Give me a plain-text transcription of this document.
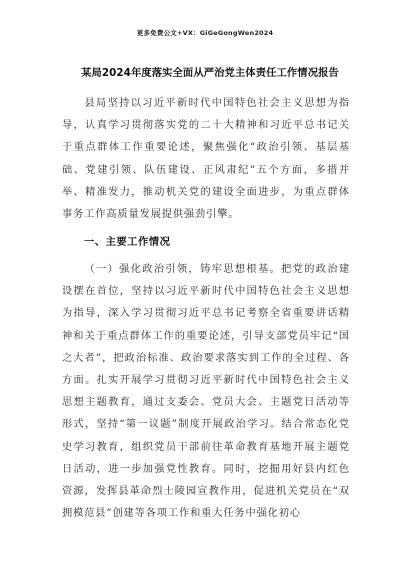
更多免费公文+VX：GiGeGongWen2024
某局2024年度落实全面从严治党主体责任工作情况报告
县局坚持以习近平新时代中国特色社会主义思想为指导，认真学习贯彻落实党的二十大精神和习近平总书记关于重点群体工作重要论述，聚焦强化“政治引领、基层基础、党建引领、队伍建设、正风肃纪”五个方面，多措并举、精准发力，推动机关党的建设全面进步，为重点群体事务工作高质量发展提供强劲引擎。
一、主要工作情况
（一）强化政治引领，铸牢思想根基。把党的政治建设摆在首位，坚持以习近平新时代中国特色社会主义思想为指导，深入学习贯彻习近平总书记考察全省重要讲话精神和关于重点群体工作的重要论述，引导支部党员牢记“国之大者”，把政治标准、政治要求落实到工作的全过程、各方面。扎实开展学习贯彻习近平新时代中国特色社会主义思想主题教育，通过支委会、党员大会、主题党日活动等形式，坚持“第一议题”制度开展政治学习。结合常态化党史学习教育，组织党员干部前往革命教育基地开展主题党日活动，进一步加强党性教育。同时，挖掘用好县内红色资源，发挥县革命烈士陵园宣教作用，促进机关党员在“双拥模范县”创建等各项工作和重大任务中强化初心
